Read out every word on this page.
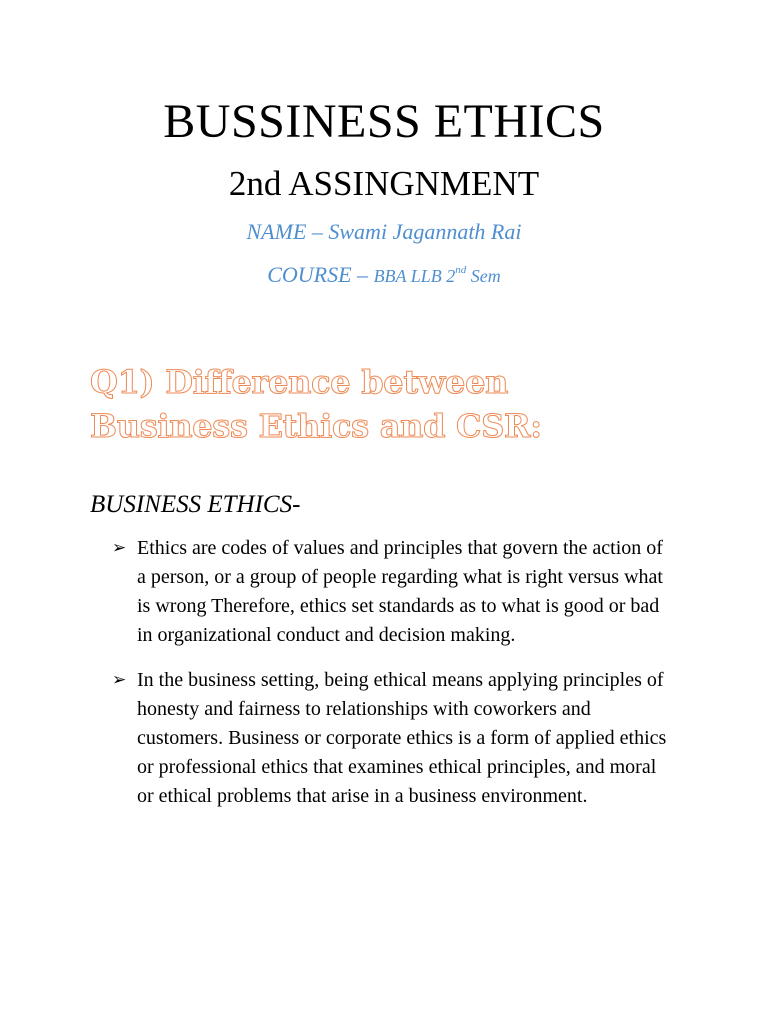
BUSSINESS ETHICS
2nd ASSINGNMENT
NAME – Swami Jagannath Rai
COURSE – BBA LLB 2nd Sem
Q1) Difference between Business Ethics and CSR:
BUSINESS ETHICS-
➢ Ethics are codes of values and principles that govern the action of a person, or a group of people regarding what is right versus what is wrong Therefore, ethics set standards as to what is good or bad in organizational conduct and decision making.
➢ In the business setting, being ethical means applying principles of honesty and fairness to relationships with coworkers and customers. Business or corporate ethics is a form of applied ethics or professional ethics that examines ethical principles, and moral or ethical problems that arise in a business environment.
